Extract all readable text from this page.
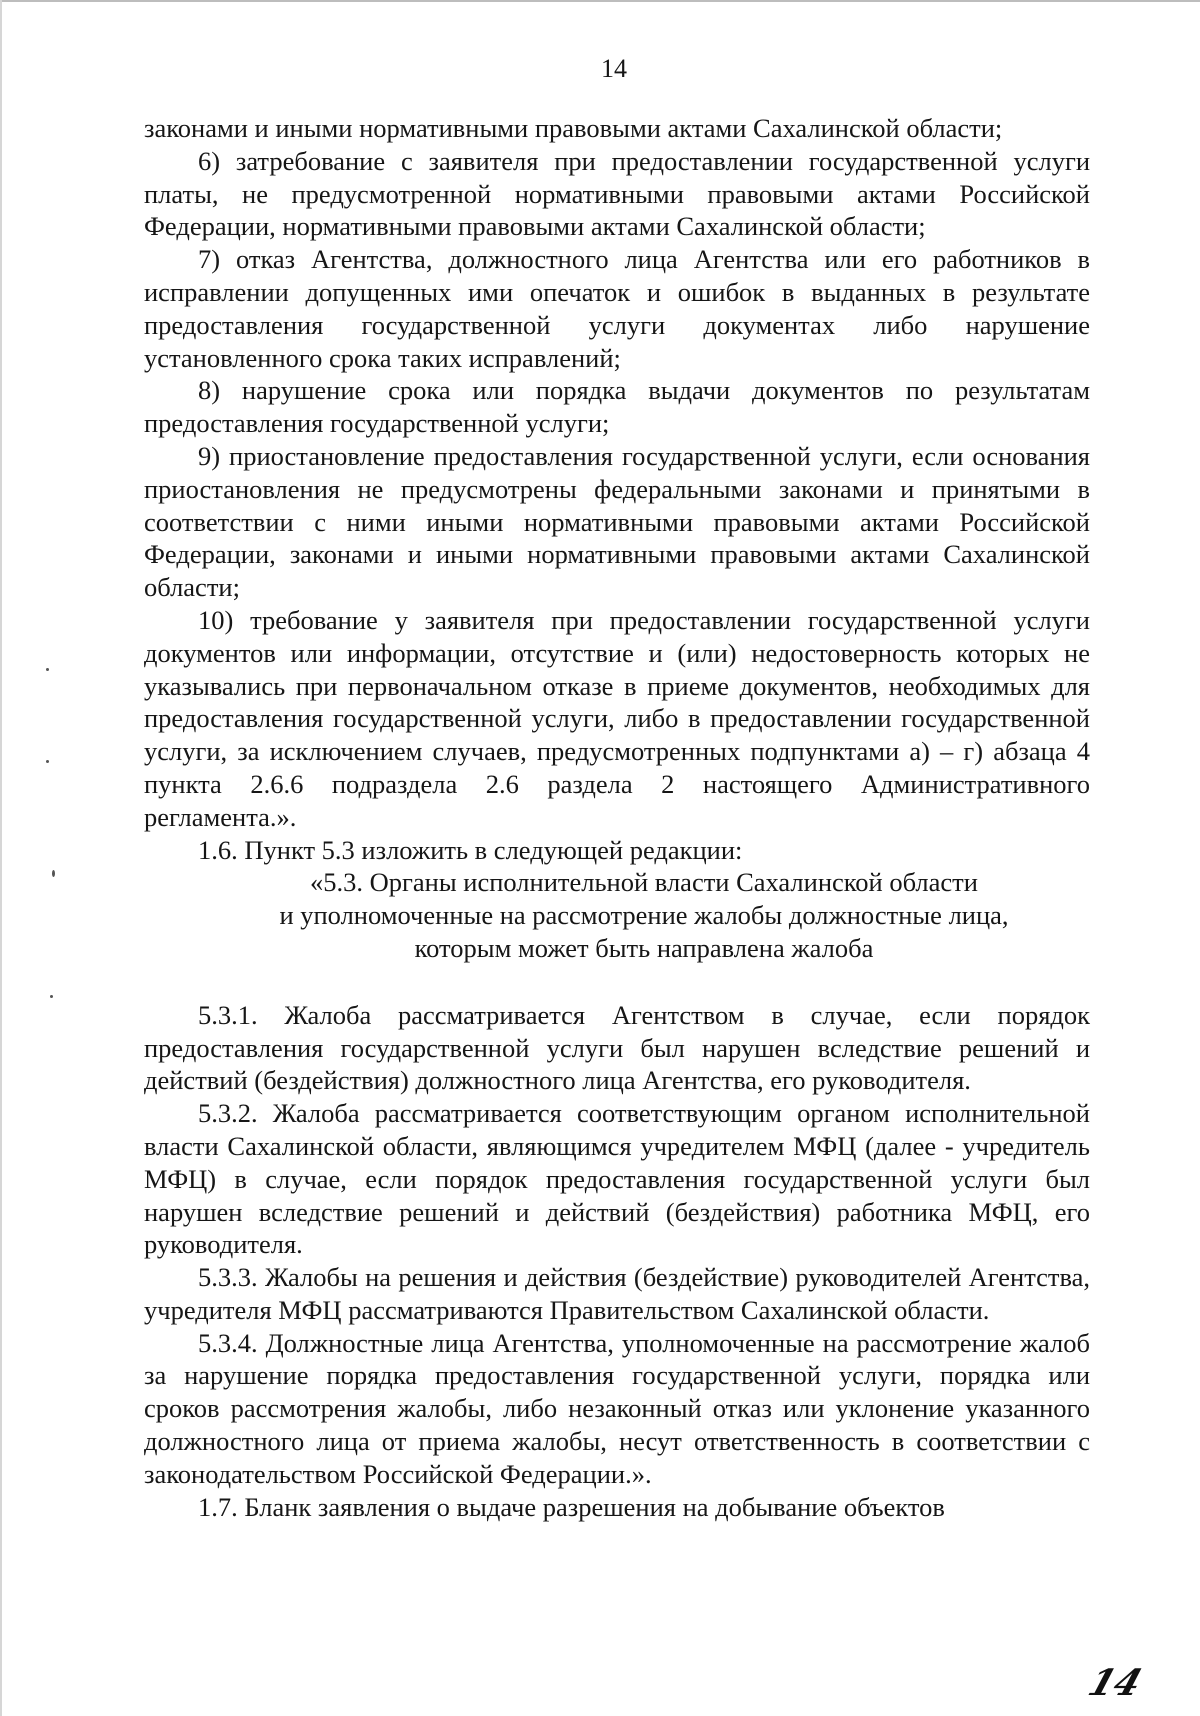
14

законами и иными нормативными правовыми актами Сахалинской области;

6) затребование с заявителя при предоставлении государственной услуги платы, не предусмотренной нормативными правовыми актами Российской Федерации, нормативными правовыми актами Сахалинской области;

7) отказ Агентства, должностного лица Агентства или его работников в исправлении допущенных ими опечаток и ошибок в выданных в результате предоставления государственной услуги документах либо нарушение установленного срока таких исправлений;

8) нарушение срока или порядка выдачи документов по результатам предоставления государственной услуги;

9) приостановление предоставления государственной услуги, если основания приостановления не предусмотрены федеральными законами и принятыми в соответствии с ними иными нормативными правовыми актами Российской Федерации, законами и иными нормативными правовыми актами Сахалинской области;

10) требование у заявителя при предоставлении государственной услуги документов или информации, отсутствие и (или) недостоверность которых не указывались при первоначальном отказе в приеме документов, необходимых для предоставления государственной услуги, либо в предоставлении государственной услуги, за исключением случаев, предусмотренных подпунктами а) – г) абзаца 4 пункта 2.6.6 подраздела 2.6 раздела 2 настоящего Административного регламента.».

1.6. Пункт 5.3 изложить в следующей редакции:

«5.3. Органы исполнительной власти Сахалинской области

и уполномоченные на рассмотрение жалобы должностные лица,

которым может быть направлена жалоба

5.3.1. Жалоба рассматривается Агентством в случае, если порядок предоставления государственной услуги был нарушен вследствие решений и действий (бездействия) должностного лица Агентства, его руководителя.

5.3.2. Жалоба рассматривается соответствующим органом исполнительной власти Сахалинской области, являющимся учредителем МФЦ (далее - учредитель МФЦ) в случае, если порядок предоставления государственной услуги был нарушен вследствие решений и действий (бездействия) работника МФЦ, его руководителя.

5.3.3. Жалобы на решения и действия (бездействие) руководителей Агентства, учредителя МФЦ рассматриваются Правительством Сахалинской области.

5.3.4. Должностные лица Агентства, уполномоченные на рассмотрение жалоб за нарушение порядка предоставления государственной услуги, порядка или сроков рассмотрения жалобы, либо незаконный отказ или уклонение указанного должностного лица от приема жалобы, несут ответственность в соответствии с законодательством Российской Федерации.».

1.7. Бланк заявления о выдаче разрешения на добывание объектов

14
